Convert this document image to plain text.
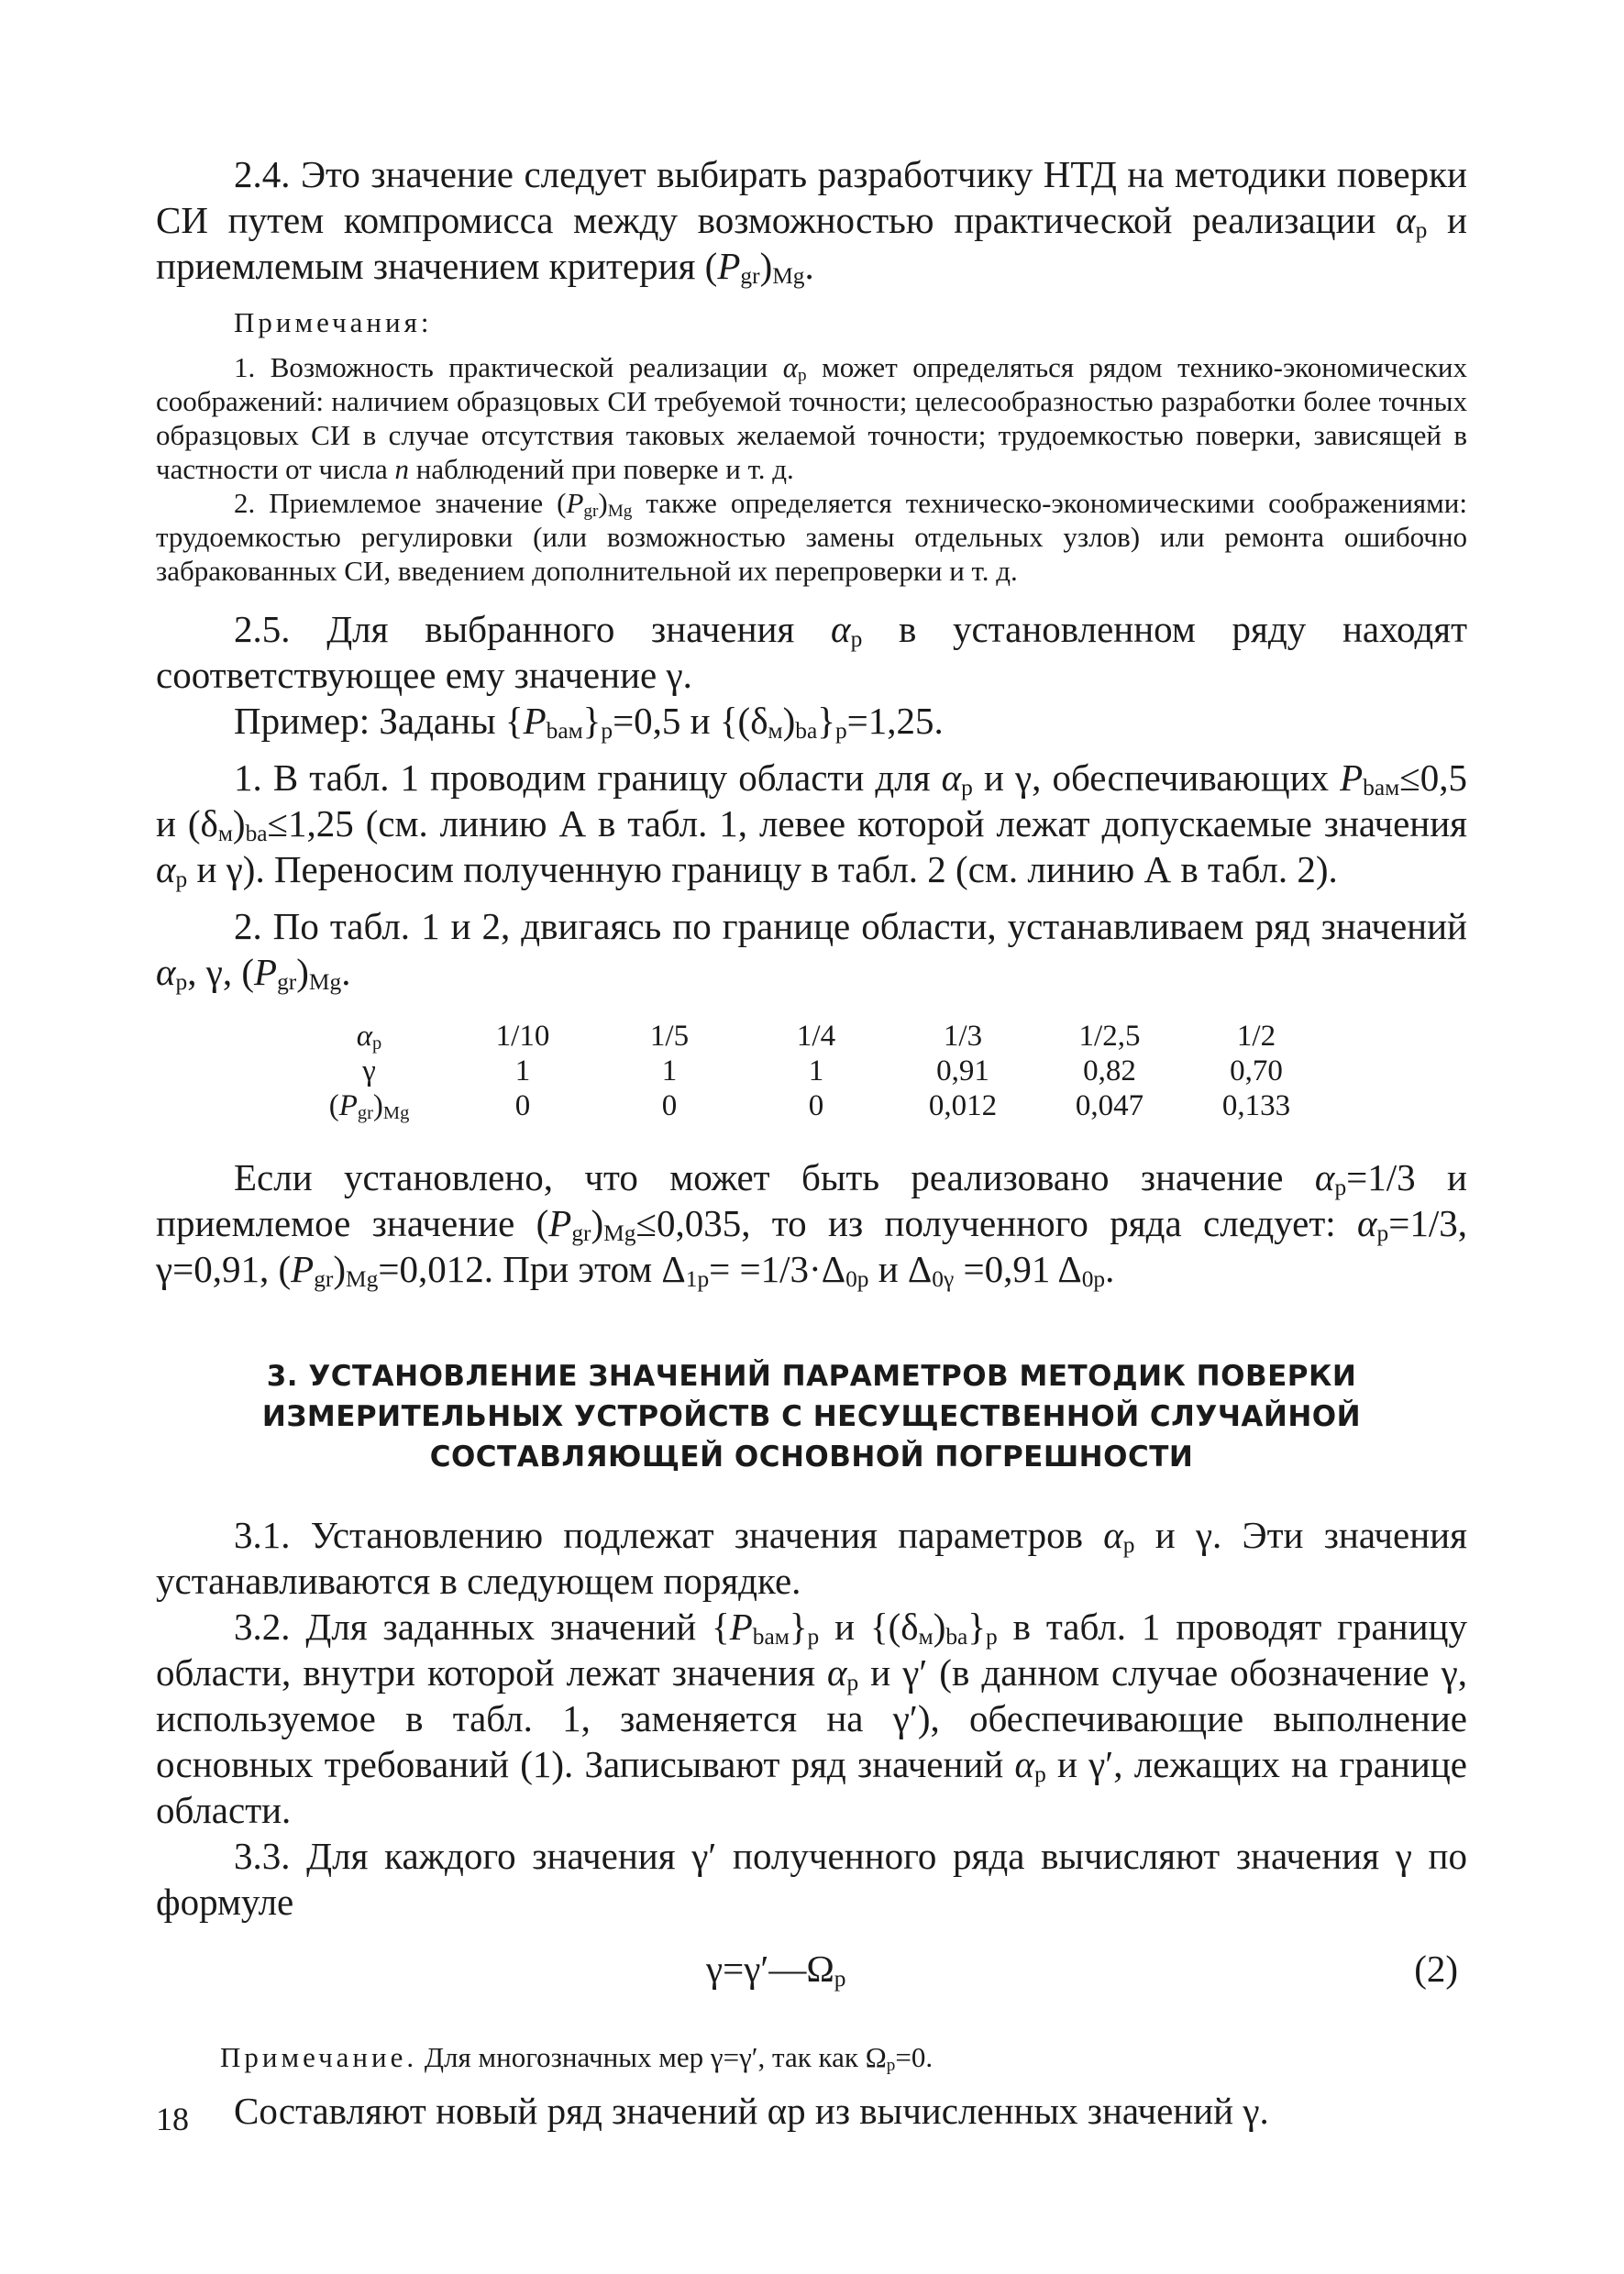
2.4. Это значение следует выбирать разработчику НТД на методики поверки СИ путем компромисса между возможностью практической реализации $\alpha_р$ и приемлемым значением критерия $(P_{gr})_{Mg}$.

Примечания:

1. Возможность практической реализации $\alpha_р$ может определяться рядом технико-экономических соображений: наличием образцовых СИ требуемой точности; целесообразностью разработки более точных образцовых СИ в случае отсутствия таковых желаемой точности; трудоемкостью поверки, зависящей в частности от числа n наблюдений при поверке и т. д.

2. Приемлемое значение $(P_{gr})_{Mg}$ также определяется техническо-экономическими соображениями: трудоемкостью регулировки (или возможностью замены отдельных узлов) или ремонта ошибочно забракованных СИ, введением дополнительной их перепроверки и т. д.

2.5. Для выбранного значения $\alpha_р$ в установленном ряду находят соответствующее ему значение γ.

Пример: Заданы $\{P_{baм}\}_р=0,5$ и $\{(\delta_м)_{ba}\}_р=1,25$.

1. В табл. 1 проводим границу области для $\alpha_р$ и γ, обеспечивающих $P_{baм}\le 0,5$ и $(\delta_м)_{ba}\le 1,25$ (см. линию А в табл. 1, левее которой лежат допускаемые значения $\alpha_р$ и γ). Переносим полученную границу в табл. 2 (см. линию А в табл. 2).

2. По табл. 1 и 2, двигаясь по границе области, устанавливаем ряд значений $\alpha_р$, γ, $(P_{gr})_{Mg}$.

$\alpha_р$	1/10	1/5	1/4	1/3	1/2,5	1/2
γ	1	1	1	0,91	0,82	0,70
$(P_{gr})_{Mg}$	0	0	0	0,012	0,047	0,133

Если установлено, что может быть реализовано значение $\alpha_р=1/3$ и приемлемое значение $(P_{gr})_{Mg}\le 0,035$, то из полученного ряда следует: $\alpha_р=1/3$, γ=0,91, $(P_{gr})_{Mg}=0,012$. При этом $\Delta_{1р}= =1/3\cdot\Delta_{0р}$ и $\Delta_{0\gamma} =0,91$ $\Delta_{0р}$.

3. УСТАНОВЛЕНИЕ ЗНАЧЕНИЙ ПАРАМЕТРОВ МЕТОДИК ПОВЕРКИ ИЗМЕРИТЕЛЬНЫХ УСТРОЙСТВ С НЕСУЩЕСТВЕННОЙ СЛУЧАЙНОЙ СОСТАВЛЯЮЩЕЙ ОСНОВНОЙ ПОГРЕШНОСТИ

3.1. Установлению подлежат значения параметров $\alpha_р$ и γ. Эти значения устанавливаются в следующем порядке.

3.2. Для заданных значений $\{P_{baм}\}_р$ и $\{(\delta_м)_{ba}\}_р$ в табл. 1 проводят границу области, внутри которой лежат значения $\alpha_р$ и γ′ (в данном случае обозначение γ, используемое в табл. 1, заменяется на γ′), обеспечивающие выполнение основных требований (1). Записывают ряд значений $\alpha_р$ и γ′, лежащих на границе области.

3.3. Для каждого значения γ′ полученного ряда вычисляют значения γ по формуле

$\gamma=\gamma'—\Omega_р$	(2)

Примечание. Для многозначных мер γ=γ′, так как $\Omega_р=0$.

Составляют новый ряд значений αр из вычисленных значений γ.

18
